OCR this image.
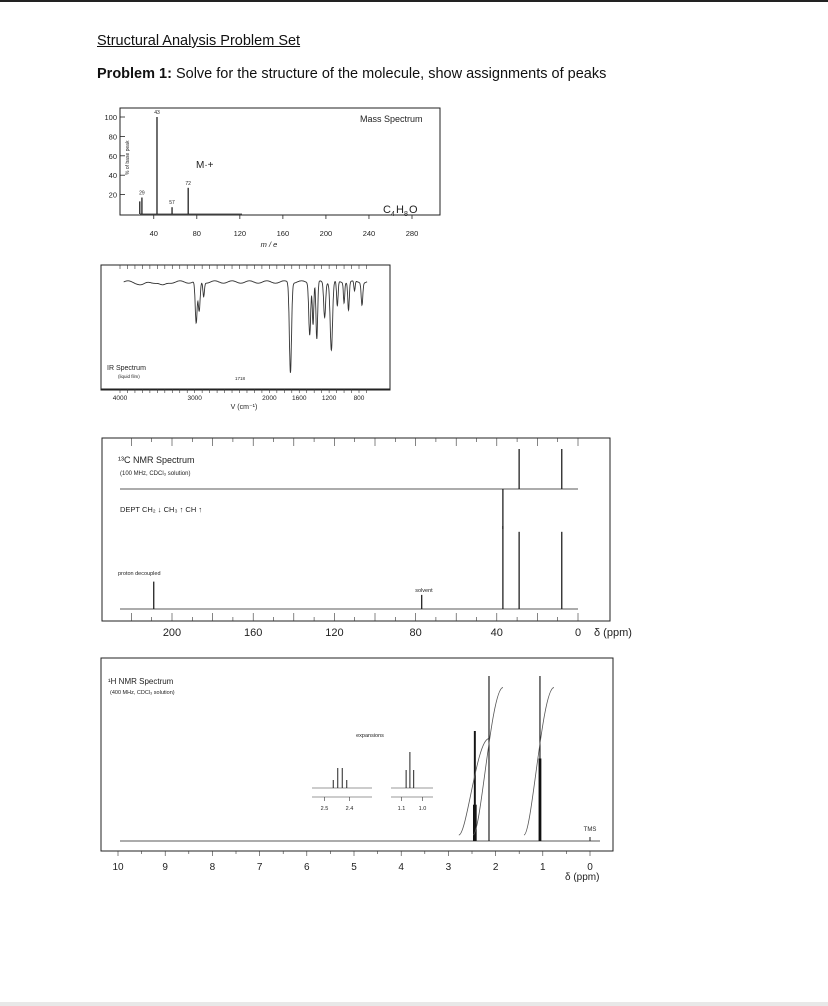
Structural Analysis Problem Set
Problem 1: Solve for the structure of the molecule, show assignments of peaks
Mass Spectrum
% of base peak
m / e
M·+
C 4 H 8 O
100
80
60
40
20
40	80	120	160	200	240	280
29
43
57
72
IR Spectrum
(liquid film)	1718
V (cm⁻¹)
4000	3000	2000 1600 1200	800
¹³C NMR Spectrum
(100 MHz, CDCl₃ solution)
DEPT CH₂ ↓ CH₃ ↑ CH ↑
proton decoupled
solvent
δ (ppm)
200	160	120	80	40	0
¹H NMR Spectrum
(400 MHz, CDCl₃ solution)
expansions
TMS
δ (ppm)
10	9	8	7	6	5	4	3	2	1	0
2.5	2.4	1.1 1.0
